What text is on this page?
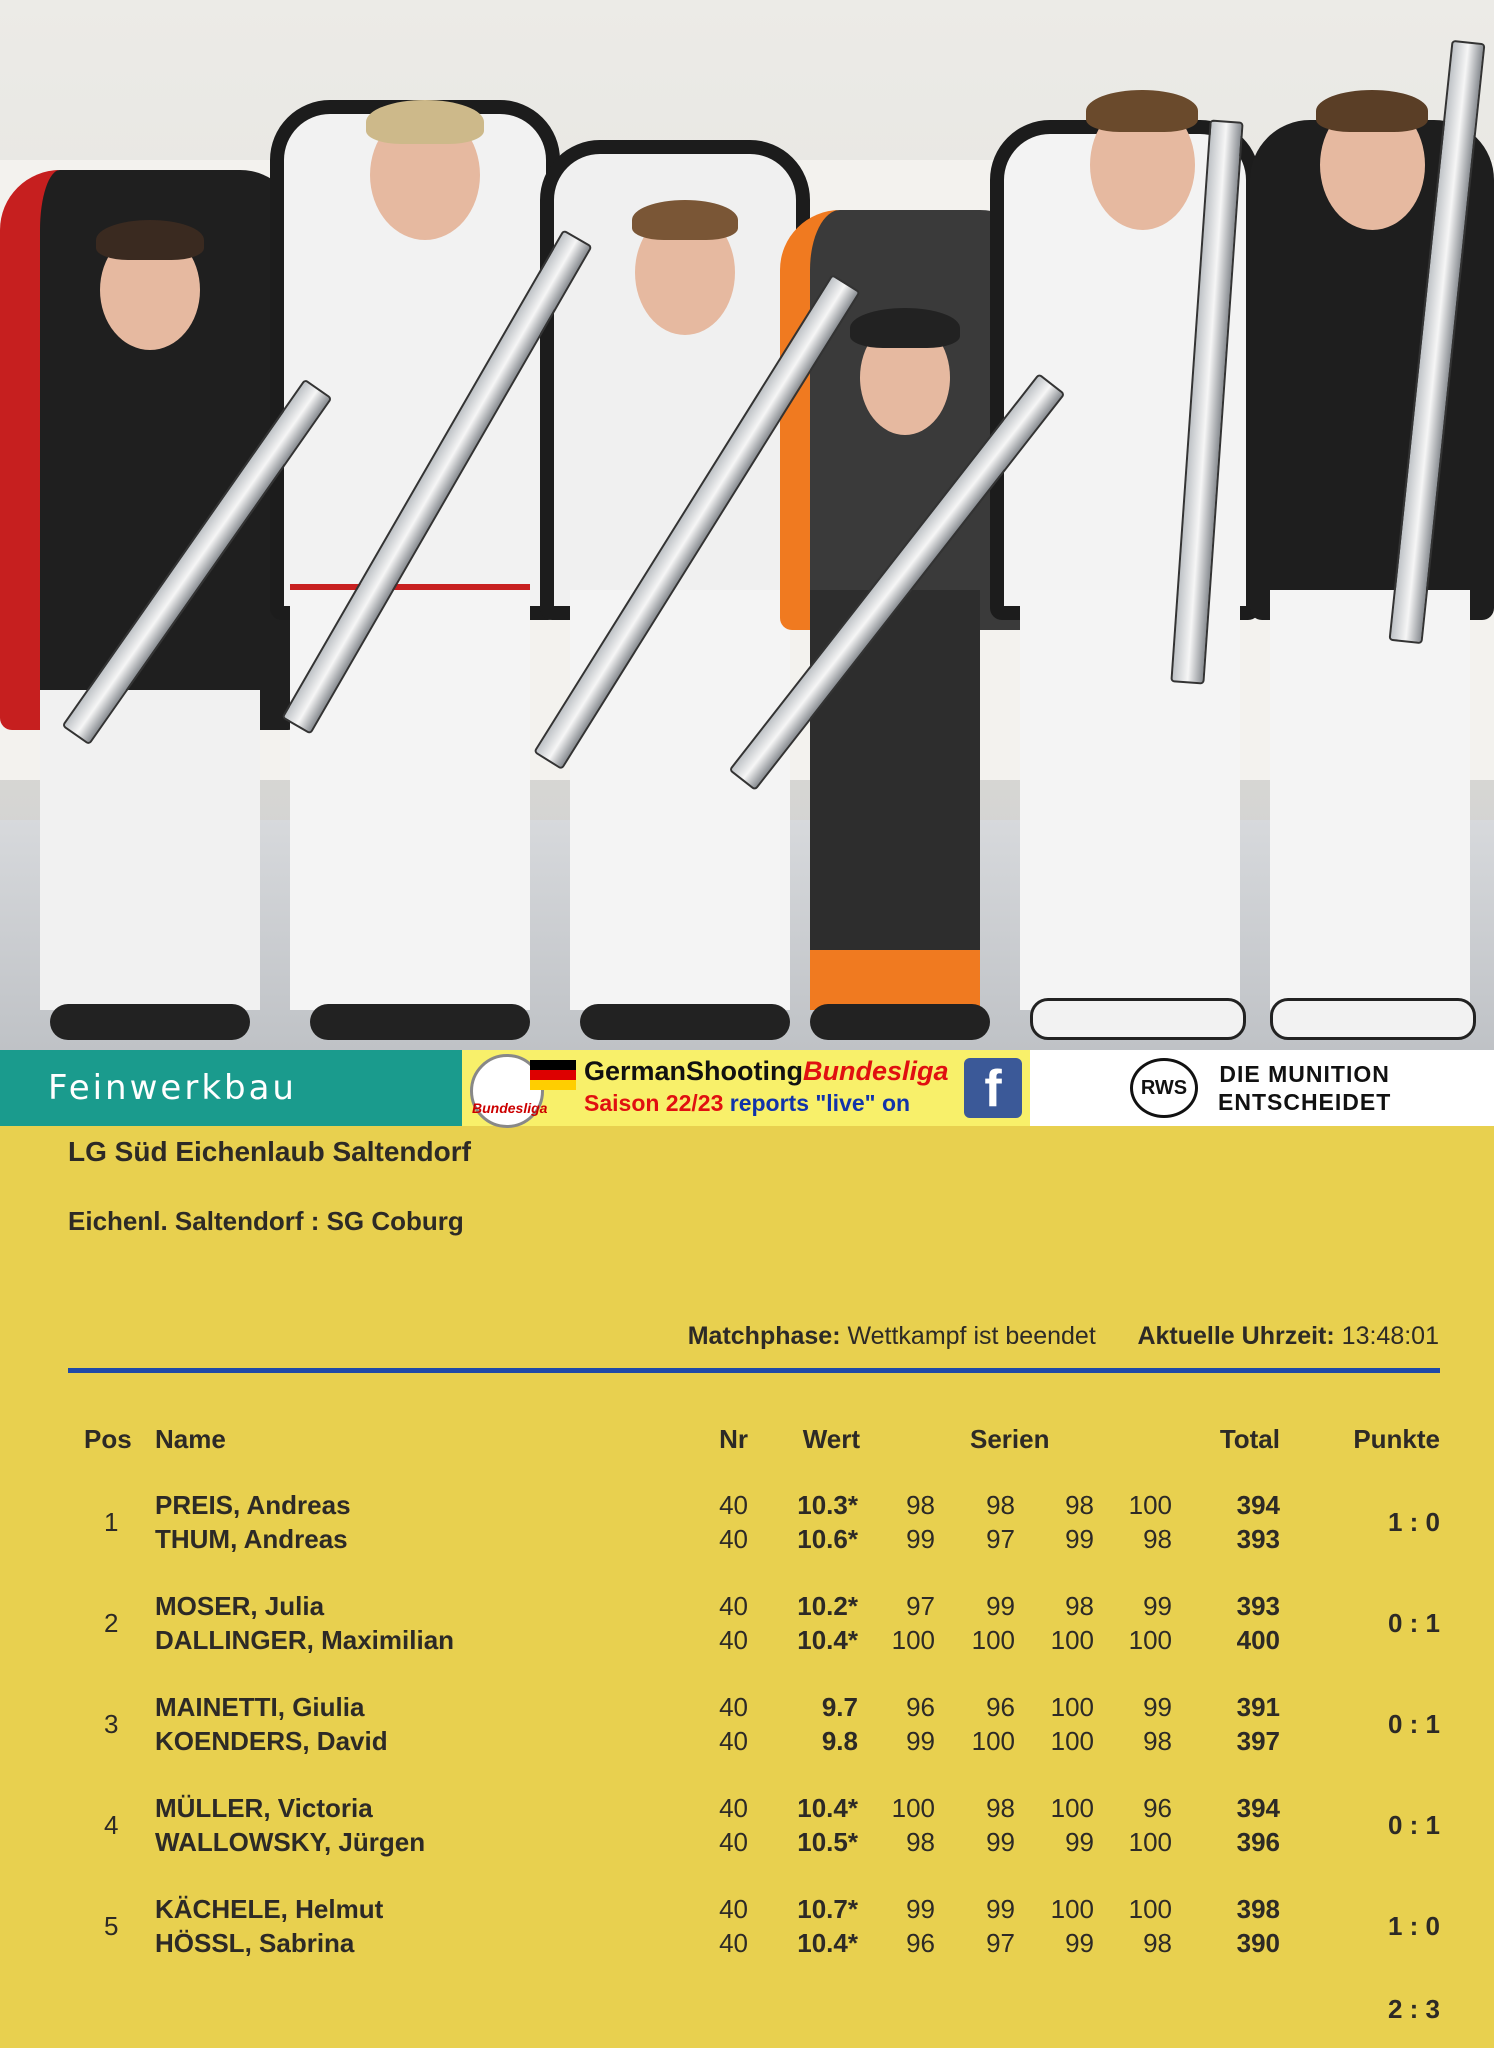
Feinwerkbau	Bundesliga
GermanShootingBundesliga
Saison 22/23 reports "live" on	f	RWS
DIE MUNITION
ENTSCHEIDET
LG Süd Eichenlaub Saltendorf
Eichenl. Saltendorf : SG Coburg
Matchphase: Wettkampf ist beendet Aktuelle Uhrzeit: 13:48:01
Pos Name	Nr	Wert	Serien	Total	Punkte
1	1 : 0
PREIS, Andreas	40	10.3*	98	98	98	100	394
THUM, Andreas	40	10.6*	99	97	99	98	393
2	0 : 1
MOSER, Julia	40	10.2*	97	99	98	99	393
DALLINGER, Maximilian	40	10.4*	100	100	100	100	400
3	0 : 1
MAINETTI, Giulia	40	9.7	96	96	100	99	391
KOENDERS, David	40	9.8	99	100	100	98	397
4	0 : 1
MÜLLER, Victoria	40	10.4*	100	98	100	96	394
WALLOWSKY, Jürgen	40	10.5*	98	99	99	100	396
5	1 : 0
KÄCHELE, Helmut	40	10.7*	99	99	100	100	398
HÖSSL, Sabrina	40	10.4*	96	97	99	98	390
2 : 3
